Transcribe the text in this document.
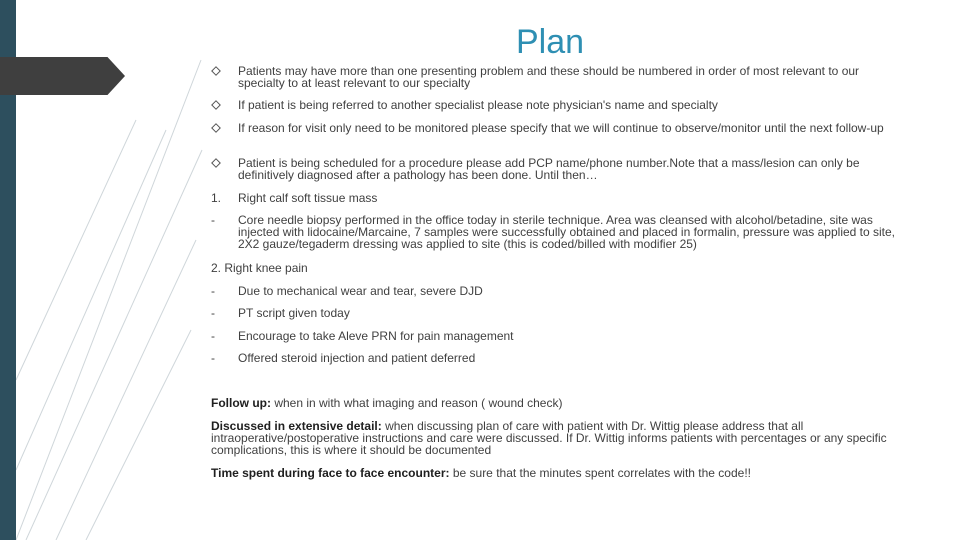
Plan
Patients may have more than one presenting problem and these should be numbered in order of most relevant to our specialty to at least relevant to our specialty
If patient is being referred to another specialist please note physician's name and specialty
If reason for visit only need to be monitored please specify that we will continue to observe/monitor until the next follow-up
Patient is being scheduled for a procedure please add PCP name/phone number.Note that a mass/lesion can only be definitively diagnosed after a pathology has been done. Until then…
1.	Right calf soft tissue mass
-	Core needle biopsy performed in the office today in sterile technique. Area was cleansed with alcohol/betadine, site was injected with lidocaine/Marcaine, 7 samples were successfully obtained and placed in formalin, pressure was applied to site, 2X2 gauze/tegaderm dressing was applied to site (this is coded/billed with modifier 25)
2. Right knee pain
-	Due to mechanical wear and tear, severe DJD
-	PT script given today
-	Encourage to take Aleve PRN for pain management
-	Offered steroid injection and patient deferred
Follow up: when in with what imaging and reason ( wound check)
Discussed in extensive detail: when discussing plan of care with patient with Dr. Wittig please address that all intraoperative/postoperative instructions and care were discussed. If Dr. Wittig informs patients with percentages or any specific complications, this is where it should be documented
Time spent during face to face encounter: be sure that the minutes spent correlates with the code!!
